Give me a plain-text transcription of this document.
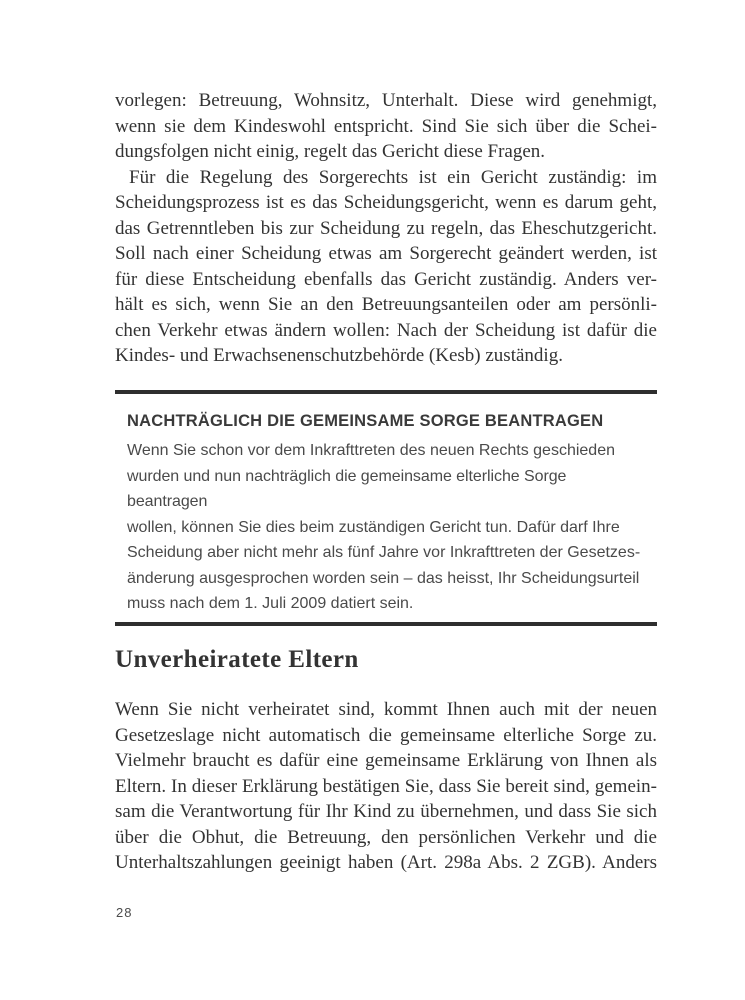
vorlegen: Betreuung, Wohnsitz, Unterhalt. Diese wird genehmigt,
wenn sie dem Kindeswohl entspricht. Sind Sie sich über die Schei-
dungsfolgen nicht einig, regelt das Gericht diese Fragen.
Für die Regelung des Sorgerechts ist ein Gericht zuständig: im
Scheidungsprozess ist es das Scheidungsgericht, wenn es darum geht,
das Getrenntleben bis zur Scheidung zu regeln, das Eheschutzgericht.
Soll nach einer Scheidung etwas am Sorgerecht geändert werden, ist
für diese Entscheidung ebenfalls das Gericht zuständig. Anders ver-
hält es sich, wenn Sie an den Betreuungsanteilen oder am persönli-
chen Verkehr etwas ändern wollen: Nach der Scheidung ist dafür die
Kindes- und Erwachsenenschutzbehörde (Kesb) zuständig.
NACHTRÄGLICH DIE GEMEINSAME SORGE BEANTRAGEN
Wenn Sie schon vor dem Inkrafttreten des neuen Rechts geschieden
wurden und nun nachträglich die gemeinsame elterliche Sorge beantragen
wollen, können Sie dies beim zuständigen Gericht tun. Dafür darf Ihre
Scheidung aber nicht mehr als fünf Jahre vor Inkrafttreten der Gesetzes-
änderung ausgesprochen worden sein – das heisst, Ihr Scheidungsurteil
muss nach dem 1. Juli 2009 datiert sein.
Unverheiratete Eltern
Wenn Sie nicht verheiratet sind, kommt Ihnen auch mit der neuen
Gesetzeslage nicht automatisch die gemeinsame elterliche Sorge zu.
Vielmehr braucht es dafür eine gemeinsame Erklärung von Ihnen als
Eltern. In dieser Erklärung bestätigen Sie, dass Sie bereit sind, gemein-
sam die Verantwortung für Ihr Kind zu übernehmen, und dass Sie sich
über die Obhut, die Betreuung, den persönlichen Verkehr und die
Unterhaltszahlungen geeinigt haben (Art. 298a Abs. 2 ZGB). Anders
28
